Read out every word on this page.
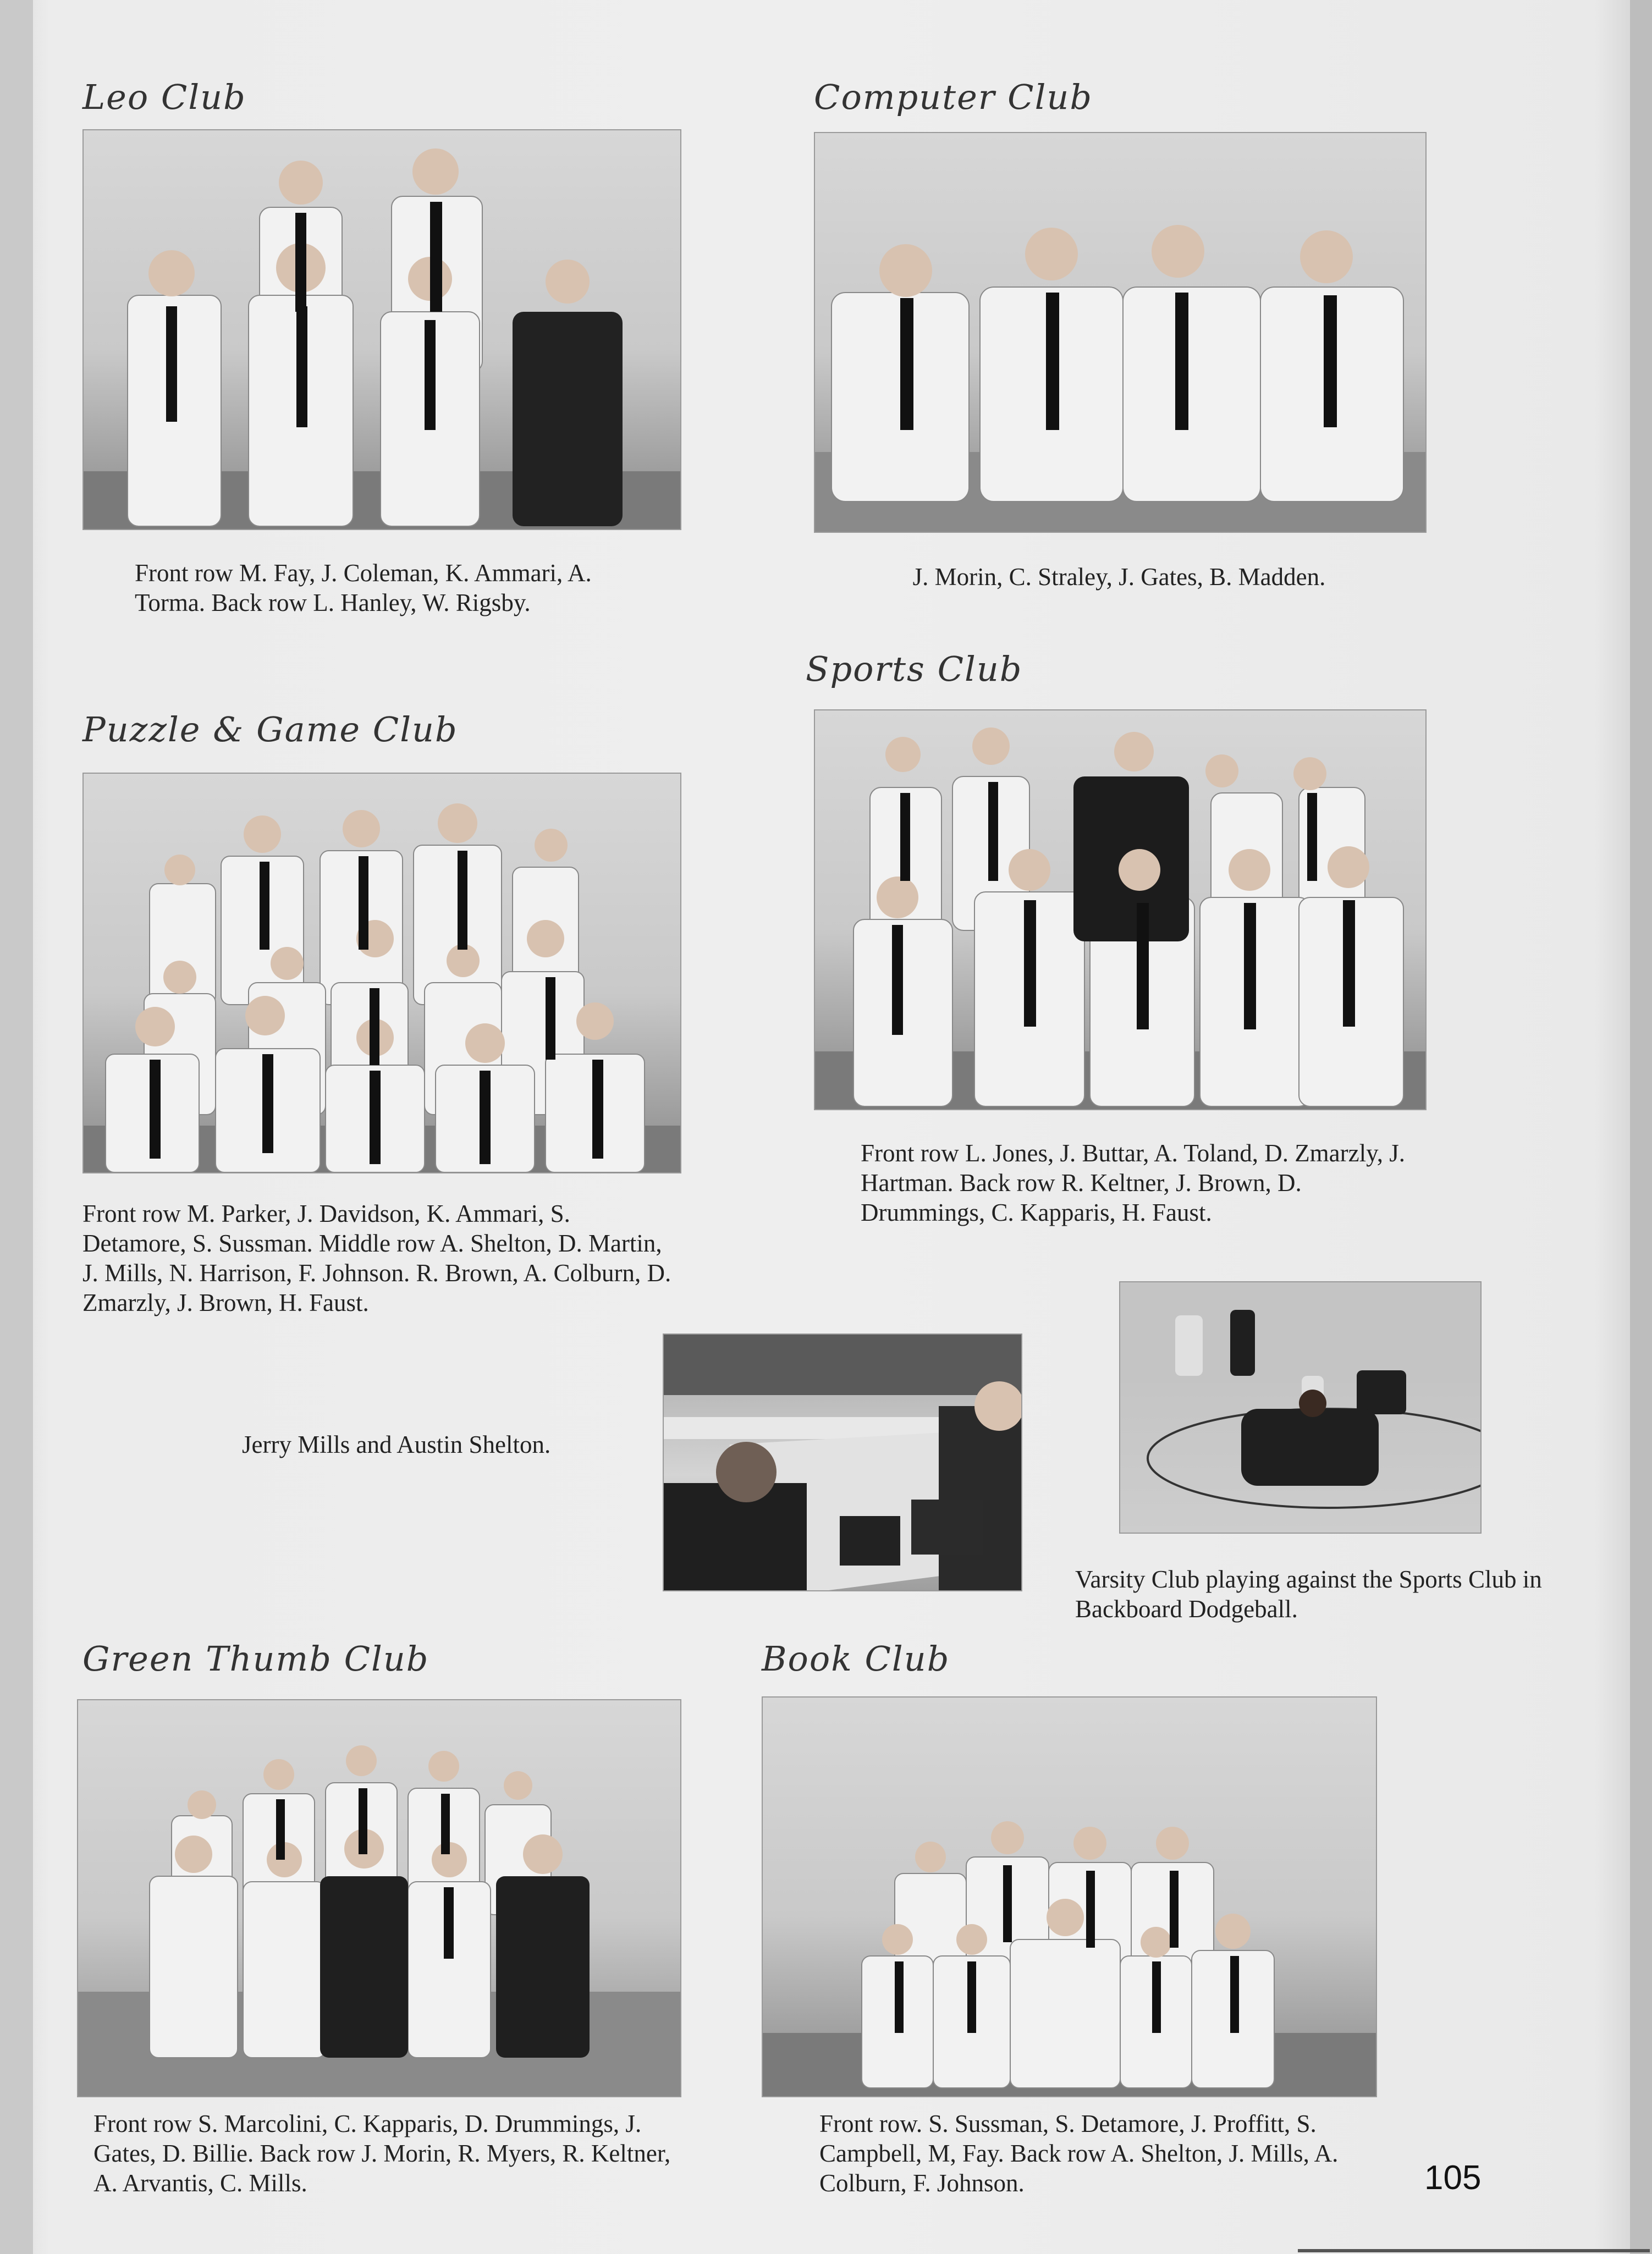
Leo Club
Front row M. Fay, J. Coleman, K. Ammari, A. Torma. Back row L. Hanley, W. Rigsby.
Computer Club
J. Morin, C. Straley, J. Gates, B. Madden.
Sports Club
Front row L. Jones, J. Buttar, A. Toland, D. Zmarzly, J. Hartman. Back row R. Keltner, J. Brown, D. Drummings, C. Kapparis, H. Faust.
Puzzle & Game Club
Front row M. Parker, J. Davidson, K. Ammari, S. Detamore, S. Sussman. Middle row A. Shelton, D. Martin, J. Mills, N. Harrison, F. Johnson. R. Brown, A. Colburn, D. Zmarzly, J. Brown, H. Faust.
Jerry Mills and Austin Shelton.
Varsity Club playing against the Sports Club in Backboard Dodgeball.
Green Thumb Club
Front row S. Marcolini, C. Kapparis, D. Drummings, J. Gates, D. Billie. Back row J. Morin, R. Myers, R. Keltner, A. Arvantis, C. Mills.
Book Club
Front row. S. Sussman, S. Detamore, J. Proffitt, S. Campbell, M, Fay. Back row A. Shelton, J. Mills, A. Colburn, F. Johnson.	105
